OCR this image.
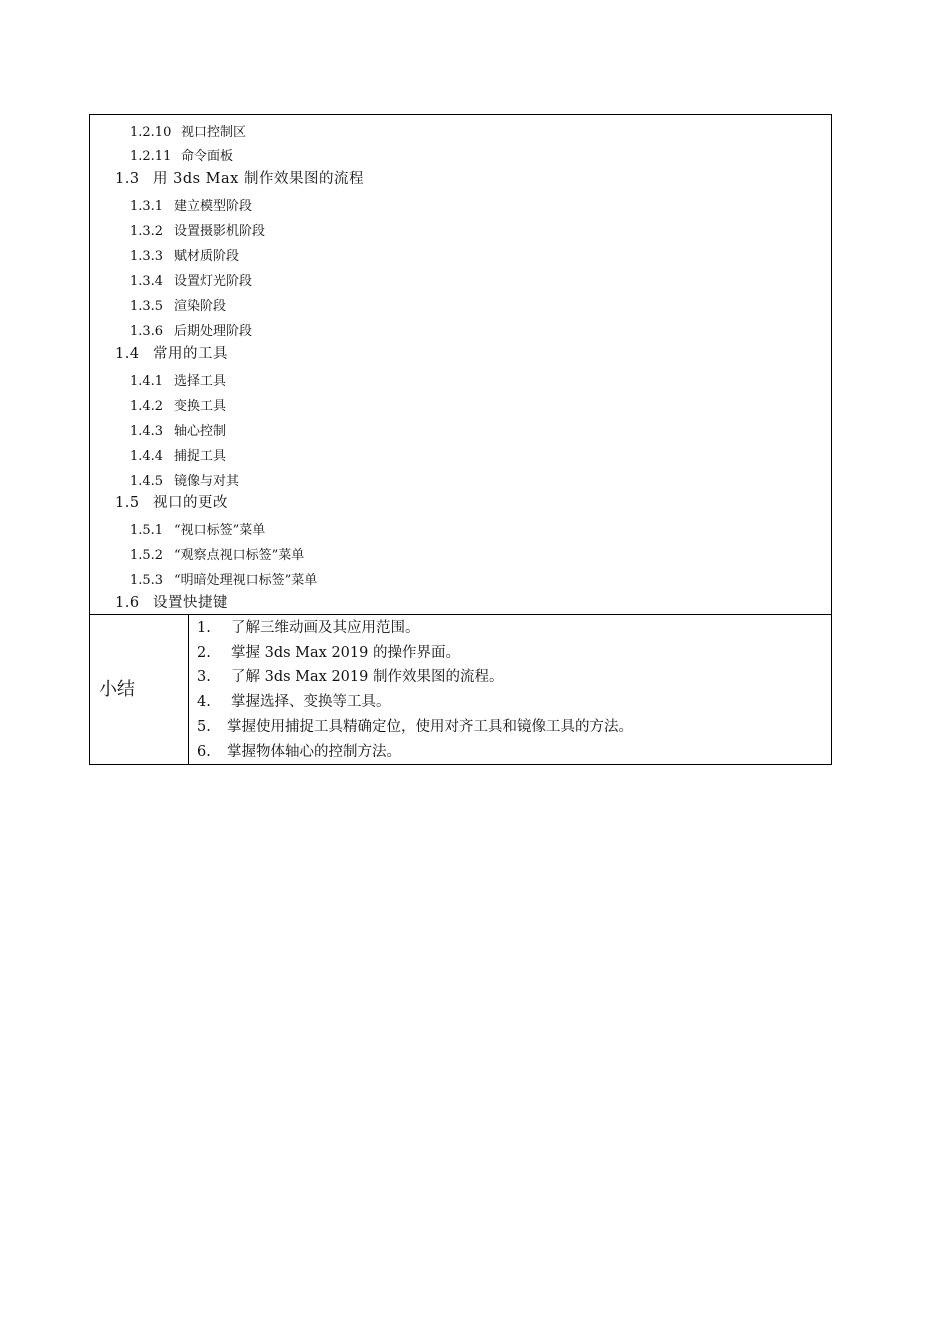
1.2.10 视口控制区
1.2.11 命令面板
1.3 用 3ds Max 制作效果图的流程
1.3.1 建立模型阶段
1.3.2 设置摄影机阶段
1.3.3 赋材质阶段
1.3.4 设置灯光阶段
1.3.5 渲染阶段
1.3.6 后期处理阶段
1.4 常用的工具
1.4.1 选择工具
1.4.2 变换工具
1.4.3 轴心控制
1.4.4 捕捉工具
1.4.5 镜像与对其
1.5 视口的更改
1.5.1 “视口标签”菜单
1.5.2 “观察点视口标签”菜单
1.5.3 “明暗处理视口标签”菜单
1.6 设置快捷键
小结
1. 了解三维动画及其应用范围。
2. 掌握 3ds Max 2019 的操作界面。
3. 了解 3ds Max 2019 制作效果图的流程。
4. 掌握选择、变换等工具。
5. 掌握使用捕捉工具精确定位，使用对齐工具和镜像工具的方法。
6. 掌握物体轴心的控制方法。
